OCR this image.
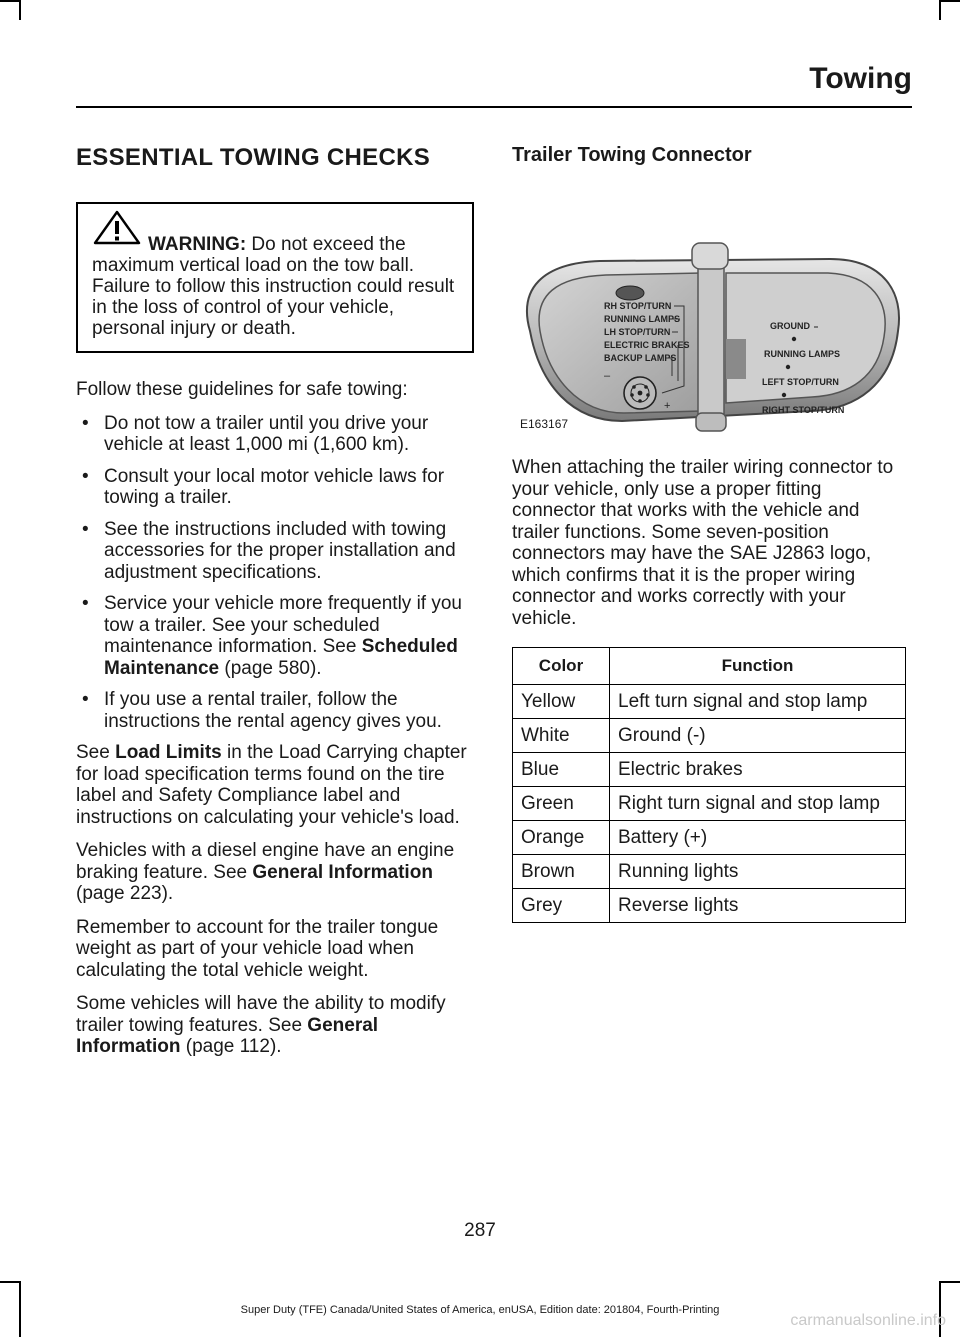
Towing
ESSENTIAL TOWING CHECKS
WARNING: Do not exceed the maximum vertical load on the tow ball. Failure to follow this instruction could result in the loss of control of your vehicle, personal injury or death.

Follow these guidelines for safe towing:

• Do not tow a trailer until you drive your vehicle at least 1,000 mi (1,600 km).
• Consult your local motor vehicle laws for towing a trailer.
• See the instructions included with towing accessories for the proper installation and adjustment specifications.
• Service your vehicle more frequently if you tow a trailer. See your scheduled maintenance information. See Scheduled Maintenance (page 580).
• If you use a rental trailer, follow the instructions the rental agency gives you.

See Load Limits in the Load Carrying chapter for load specification terms found on the tire label and Safety Compliance label and instructions on calculating your vehicle's load.

Vehicles with a diesel engine have an engine braking feature. See General Information (page 223).

Remember to account for the trailer tongue weight as part of your vehicle load when calculating the total vehicle weight.

Some vehicles will have the ability to modify trailer towing features. See General Information (page 112).

Trailer Towing Connector
RH STOP/TURN
RUNNING LAMPS
LH STOP/TURN
ELECTRIC BRAKES
BACKUP LAMPS
–
+
GROUND
RUNNING LAMPS
LEFT STOP/TURN
RIGHT STOP/TURN
E163167

When attaching the trailer wiring connector to your vehicle, only use a proper fitting connector that works with the vehicle and trailer functions. Some seven-position connectors may have the SAE J2863 logo, which confirms that it is the proper wiring connector and works correctly with your vehicle.

Color	Function
Yellow	Left turn signal and stop lamp
White	Ground (-)
Blue	Electric brakes
Green	Right turn signal and stop lamp
Orange	Battery (+)
Brown	Running lights
Grey	Reverse lights
287
Super Duty (TFE) Canada/United States of America, enUSA, Edition date: 201804, Fourth-Printing
carmanualsonline.info
